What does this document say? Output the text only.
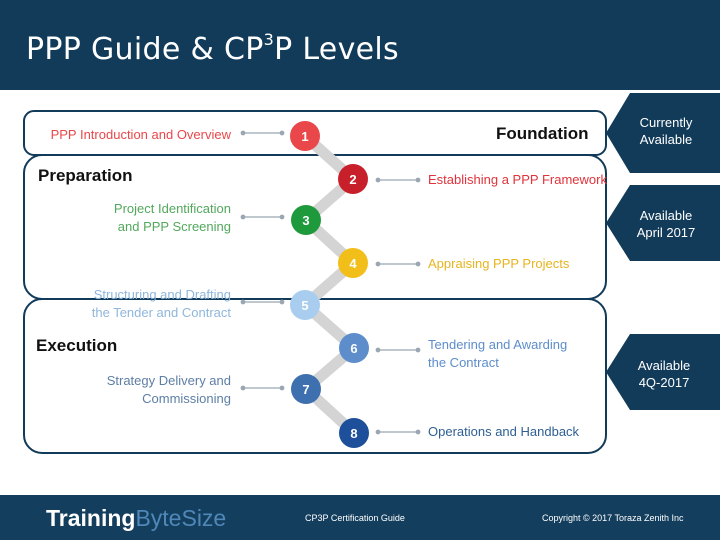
PPP Guide & $CP^3P$ Levels
1
2
3
4
5
6
7
8
Foundation
Preparation
Execution
Currently
Available
Available
April 2017
Available
4Q-2017
PPP Introduction and Overview
Project Identification
and PPP Screening
Structuring and Drafting
the Tender and Contract
Strategy Delivery and
Commissioning
Establishing a PPP Framework
Appraising PPP Projects
Tendering and Awarding
the Contract
Operations and Handback
Training ByteSize	CP3P Certification Guide	Copyright © 2017 Toraza Zenith Inc
